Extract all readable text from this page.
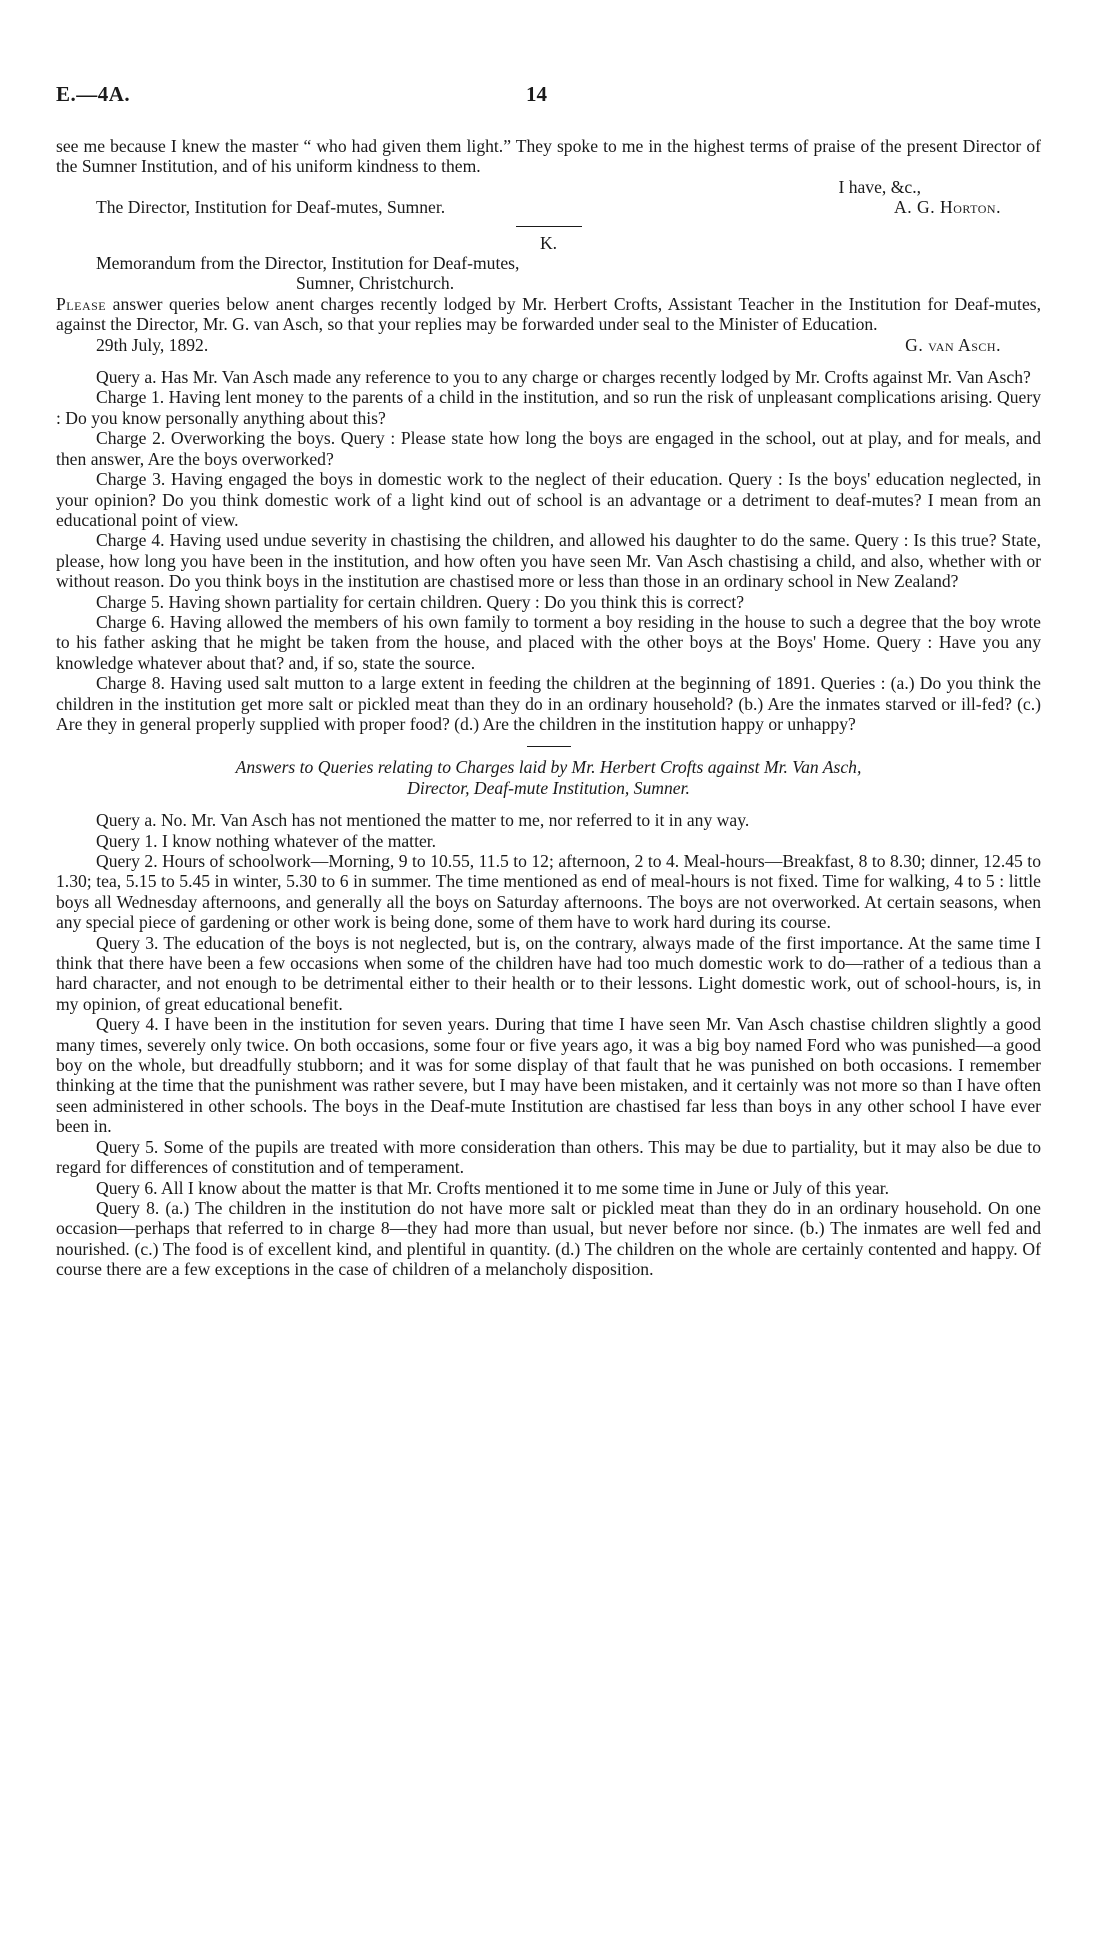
E.—4A.	14

see me because I knew the master “ who had given them light.” They spoke to me in the highest terms of praise of the present Director of the Sumner Institution, and of his uniform kindness to them.

I have, &c.,
The Director, Institution for Deaf-mutes, Sumner.	A. G. Horton.

K.

Memorandum from the Director, Institution for Deaf-mutes,

Sumner, Christchurch.

Please answer queries below anent charges recently lodged by Mr. Herbert Crofts, Assistant Teacher in the Institution for Deaf-mutes, against the Director, Mr. G. van Asch, so that your replies may be forwarded under seal to the Minister of Education.

29th July, 1892.	G. van Asch.

Query a. Has Mr. Van Asch made any reference to you to any charge or charges recently lodged by Mr. Crofts against Mr. Van Asch?

Charge 1. Having lent money to the parents of a child in the institution, and so run the risk of unpleasant complications arising. Query : Do you know personally anything about this?

Charge 2. Overworking the boys. Query : Please state how long the boys are engaged in the school, out at play, and for meals, and then answer, Are the boys overworked?

Charge 3. Having engaged the boys in domestic work to the neglect of their education. Query : Is the boys' education neglected, in your opinion? Do you think domestic work of a light kind out of school is an advantage or a detriment to deaf-mutes? I mean from an educational point of view.

Charge 4. Having used undue severity in chastising the children, and allowed his daughter to do the same. Query : Is this true? State, please, how long you have been in the institution, and how often you have seen Mr. Van Asch chastising a child, and also, whether with or without reason. Do you think boys in the institution are chastised more or less than those in an ordinary school in New Zealand?

Charge 5. Having shown partiality for certain children. Query : Do you think this is correct?

Charge 6. Having allowed the members of his own family to torment a boy residing in the house to such a degree that the boy wrote to his father asking that he might be taken from the house, and placed with the other boys at the Boys' Home. Query : Have you any knowledge whatever about that? and, if so, state the source.

Charge 8. Having used salt mutton to a large extent in feeding the children at the beginning of 1891. Queries : (a.) Do you think the children in the institution get more salt or pickled meat than they do in an ordinary household? (b.) Are the inmates starved or ill-fed? (c.) Are they in general properly supplied with proper food? (d.) Are the children in the institution happy or unhappy?

Answers to Queries relating to Charges laid by Mr. Herbert Crofts against Mr. Van Asch,
Director, Deaf-mute Institution, Sumner.

Query a. No. Mr. Van Asch has not mentioned the matter to me, nor referred to it in any way.

Query 1. I know nothing whatever of the matter.

Query 2. Hours of schoolwork—Morning, 9 to 10.55, 11.5 to 12; afternoon, 2 to 4. Meal-hours—Breakfast, 8 to 8.30; dinner, 12.45 to 1.30; tea, 5.15 to 5.45 in winter, 5.30 to 6 in summer. The time mentioned as end of meal-hours is not fixed. Time for walking, 4 to 5 : little boys all Wednesday afternoons, and generally all the boys on Saturday afternoons. The boys are not overworked. At certain seasons, when any special piece of gardening or other work is being done, some of them have to work hard during its course.

Query 3. The education of the boys is not neglected, but is, on the contrary, always made of the first importance. At the same time I think that there have been a few occasions when some of the children have had too much domestic work to do—rather of a tedious than a hard character, and not enough to be detrimental either to their health or to their lessons. Light domestic work, out of school-hours, is, in my opinion, of great educational benefit.

Query 4. I have been in the institution for seven years. During that time I have seen Mr. Van Asch chastise children slightly a good many times, severely only twice. On both occasions, some four or five years ago, it was a big boy named Ford who was punished—a good boy on the whole, but dreadfully stubborn; and it was for some display of that fault that he was punished on both occasions. I remember thinking at the time that the punishment was rather severe, but I may have been mistaken, and it certainly was not more so than I have often seen administered in other schools. The boys in the Deaf-mute Institution are chastised far less than boys in any other school I have ever been in.

Query 5. Some of the pupils are treated with more consideration than others. This may be due to partiality, but it may also be due to regard for differences of constitution and of temperament.

Query 6. All I know about the matter is that Mr. Crofts mentioned it to me some time in June or July of this year.

Query 8. (a.) The children in the institution do not have more salt or pickled meat than they do in an ordinary household. On one occasion—perhaps that referred to in charge 8—they had more than usual, but never before nor since. (b.) The inmates are well fed and nourished. (c.) The food is of excellent kind, and plentiful in quantity. (d.) The children on the whole are certainly contented and happy. Of course there are a few exceptions in the case of children of a melancholy disposition.
